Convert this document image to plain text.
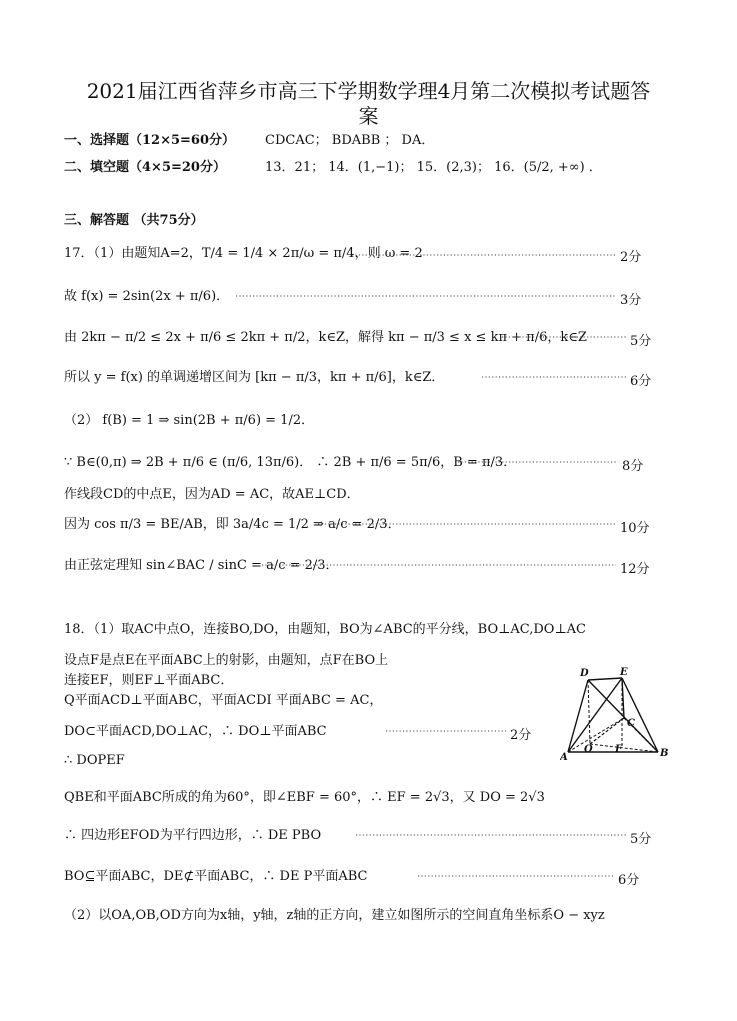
2021届江西省萍乡市高三下学期数学理4月第二次模拟考试题答
案
一、选择题（12×5=60分） CDCAC； BDABB ； DA．
二、填空题（4×5=20分）	13．21； 14．(1,−1)； 15．(2,3)； 16．(5/2, +∞) ．
三、解答题 （共75分）
17．（1）由题知A=2，T/4 = 1/4 × 2π/ω = π/4，则 ω = 2	2分
故 f(x) = 2sin(2x + π/6)．	3分
由 2kπ − π/2 ≤ 2x + π/6 ≤ 2kπ + π/2，k∈Z，解得 kπ − π/3 ≤ x ≤ kπ + π/6，k∈Z	5分
所以 y = f(x) 的单调递增区间为 [kπ − π/3，kπ + π/6]，k∈Z．	6分
（2） f(B) = 1 ⇒ sin(2B + π/6) = 1/2．
∵ B∈(0,π) ⇒ 2B + π/6 ∈ (π/6, 13π/6)． ∴ 2B + π/6 = 5π/6，B = π/3．	8分
作线段CD的中点E，因为AD = AC，故AE⊥CD．
因为 cos π/3 = BE/AB，即 3a/4c = 1/2 ⇒ a/c = 2/3．	10分
由正弦定理知 sin∠BAC / sinC = a/c = 2/3．	12分
18．（1）取AC中点O，连接BO,DO，由题知，BO为∠ABC的平分线，BO⊥AC,DO⊥AC
设点F是点E在平面ABC上的射影，由题知，点F在BO上
连接EF，则EF⊥平面ABC．
Q平面ACD⊥平面ABC，平面ACDI 平面ABC = AC，
DO⊂平面ACD,DO⊥AC，∴ DO⊥平面ABC	2分
∴ DOPEF
QBE和平面ABC所成的角为60°，即∠EBF = 60°，∴ EF = 2√3，又 DO = 2√3
∴ 四边形EFOD为平行四边形，∴ DE PBO	5分
BO⊆平面ABC，DE⊄平面ABC，∴ DE P平面ABC	6分
（2）以OA,OB,OD方向为x轴，y轴，z轴的正方向，建立如图所示的空间直角坐标系O − xyz
D	E
C
O F
A	B
